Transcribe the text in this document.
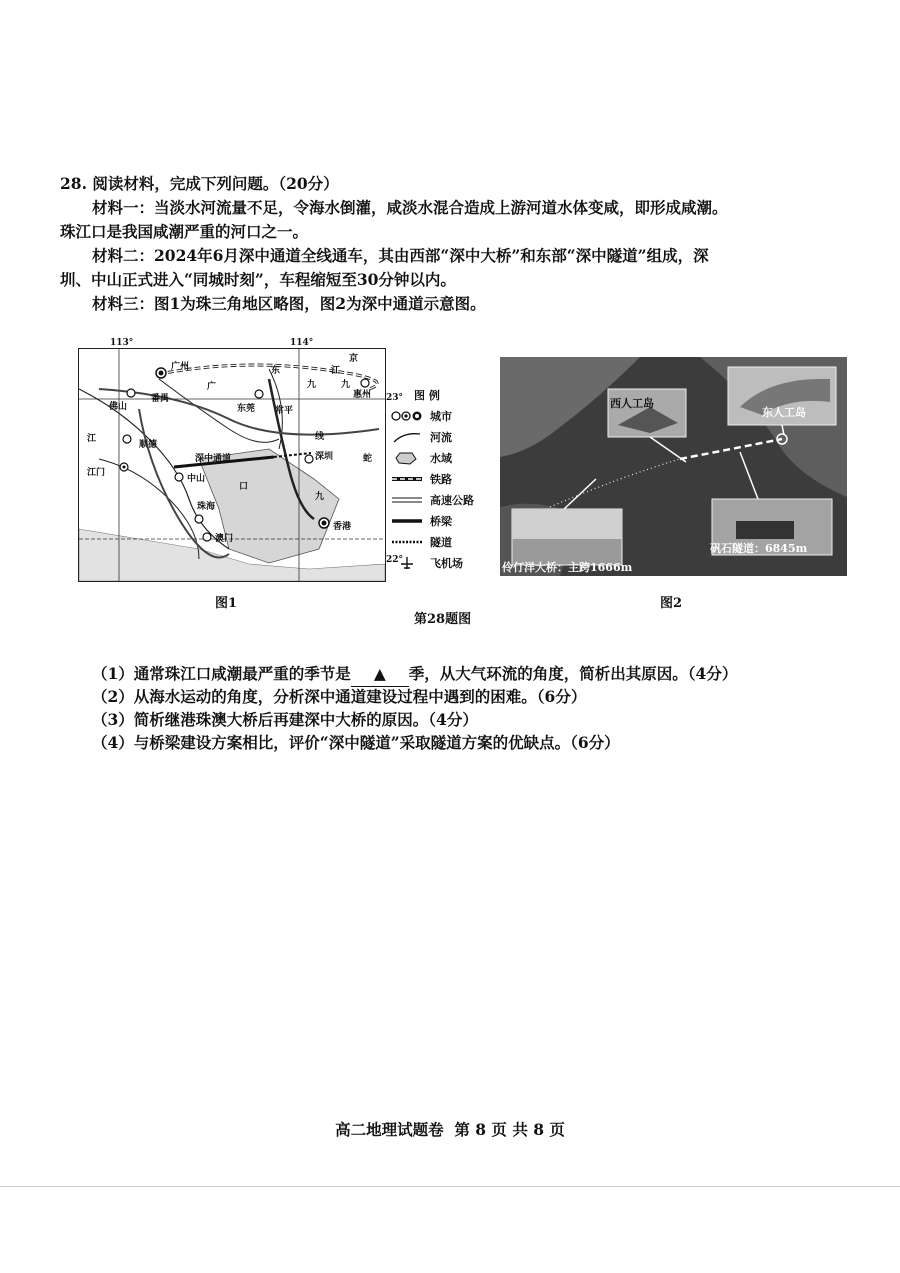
28. 阅读材料，完成下列问题。（20分）
材料一：当淡水河流量不足，令海水倒灌，咸淡水混合造成上游河道水体变咸，即形成咸潮。
珠江口是我国咸潮严重的河口之一。
材料二：2024年6月深中通道全线通车，其由西部“深中大桥”和东部“深中隧道”组成，深
圳、中山正式进入“同城时刻”，车程缩短至30分钟以内。
材料三：图1为珠三角地区略图，图2为深中通道示意图。
广州
广
东
九
江
京
九
惠州
佛山
番禺
东莞 常平
江
顺德
线
深圳
江门
中山
口
珠海
澳门
香港
深中通道	蛇
九
113°	114°
23°
22°
图 例
城市
河流
水域
铁路
高速公路
桥梁
隧道
飞机场
西人工岛
东人工岛
伶仃洋大桥：主跨1666m
矾石隧道：6845m
图1	图2
第28题图
（1）通常珠江口咸潮最严重的季节是 ▲ 季，从大气环流的角度，简析出其原因。（4分）
（2）从海水运动的角度，分析深中通道建设过程中遇到的困难。（6分）
（3）简析继港珠澳大桥后再建深中大桥的原因。（4分）
（4）与桥梁建设方案相比，评价“深中隧道”采取隧道方案的优缺点。（6分）
高二地理试题卷  第 8 页 共 8 页
